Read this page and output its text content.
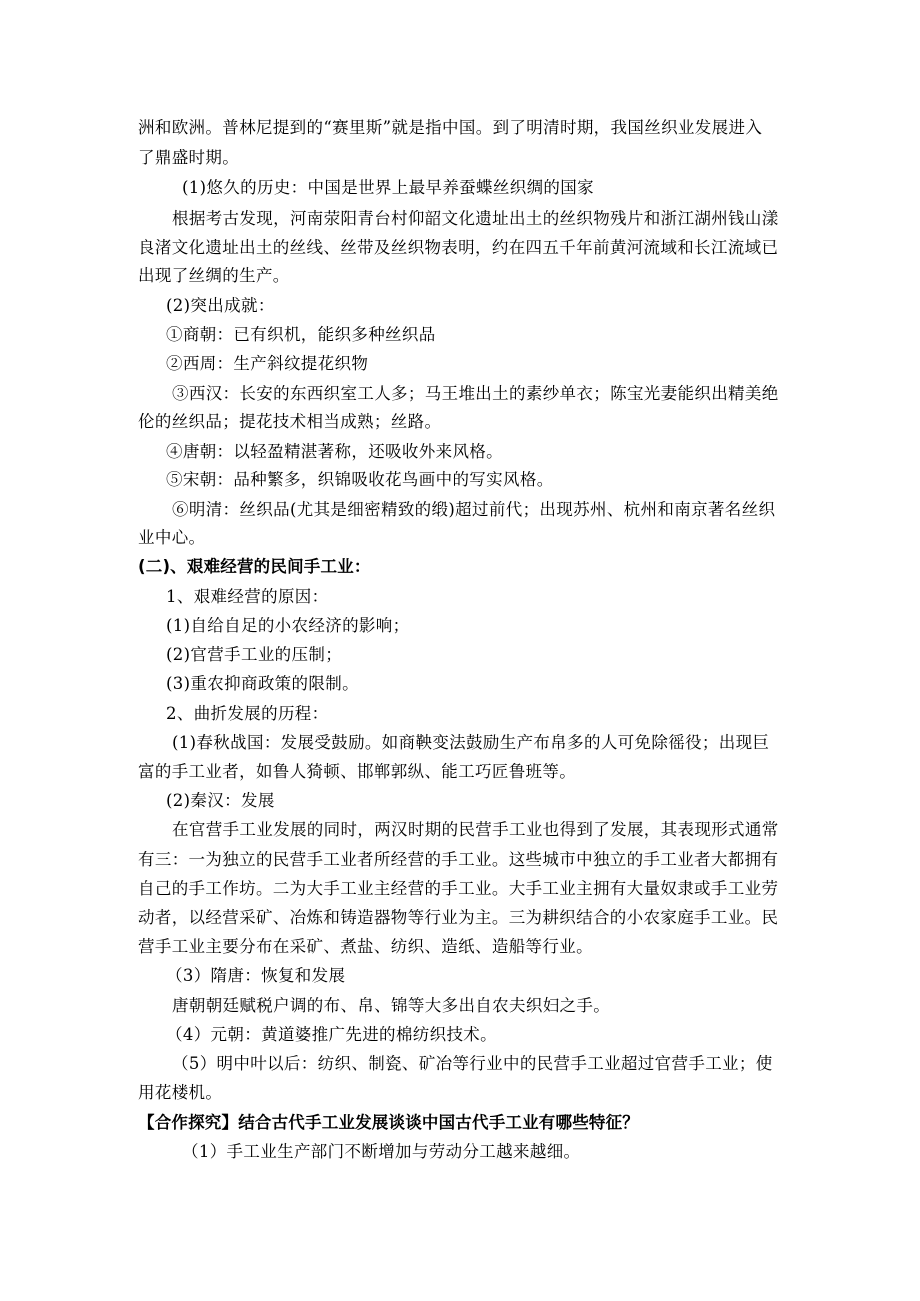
洲和欧洲。普林尼提到的“赛里斯”就是指中国。到了明清时期，我国丝织业发展进入
了鼎盛时期。
(1)悠久的历史：中国是世界上最早养蚕蝶丝织绸的国家
根据考古发现，河南荥阳青台村仰韶文化遗址出土的丝织物残片和浙江湖州钱山漾
良渚文化遗址出土的丝线、丝带及丝织物表明，约在四五千年前黄河流域和长江流域已
出现了丝绸的生产。
(2)突出成就：
①商朝：已有织机，能织多种丝织品
②西周：生产斜纹提花织物
③西汉：长安的东西织室工人多；马王堆出土的素纱单衣；陈宝光妻能织出精美绝
伦的丝织品；提花技术相当成熟；丝路。
④唐朝：以轻盈精湛著称，还吸收外来风格。
⑤宋朝：品种繁多，织锦吸收花鸟画中的写实风格。
⑥明清：丝织品(尤其是细密精致的缎)超过前代；出现苏州、杭州和南京著名丝织
业中心。
(二)、艰难经营的民间手工业：
1、艰难经营的原因：
(1)自给自足的小农经济的影响；
(2)官营手工业的压制；
(3)重农抑商政策的限制。
2、曲折发展的历程：
(1)春秋战国：发展受鼓励。如商鞅变法鼓励生产布帛多的人可免除徭役；出现巨
富的手工业者，如鲁人猗顿、邯郸郭纵、能工巧匠鲁班等。
(2)秦汉：发展
在官营手工业发展的同时，两汉时期的民营手工业也得到了发展，其表现形式通常
有三：一为独立的民营手工业者所经营的手工业。这些城市中独立的手工业者大都拥有
自己的手工作坊。二为大手工业主经营的手工业。大手工业主拥有大量奴隶或手工业劳
动者，以经营采矿、冶炼和铸造器物等行业为主。三为耕织结合的小农家庭手工业。民
营手工业主要分布在采矿、煮盐、纺织、造纸、造船等行业。
（3）隋唐：恢复和发展
唐朝朝廷赋税户调的布、帛、锦等大多出自农夫织妇之手。
（4）元朝：黄道婆推广先进的棉纺织技术。
（5）明中叶以后：纺织、制瓷、矿冶等行业中的民营手工业超过官营手工业；使
用花楼机。
【合作探究】结合古代手工业发展谈谈中国古代手工业有哪些特征？
（1）手工业生产部门不断增加与劳动分工越来越细。
